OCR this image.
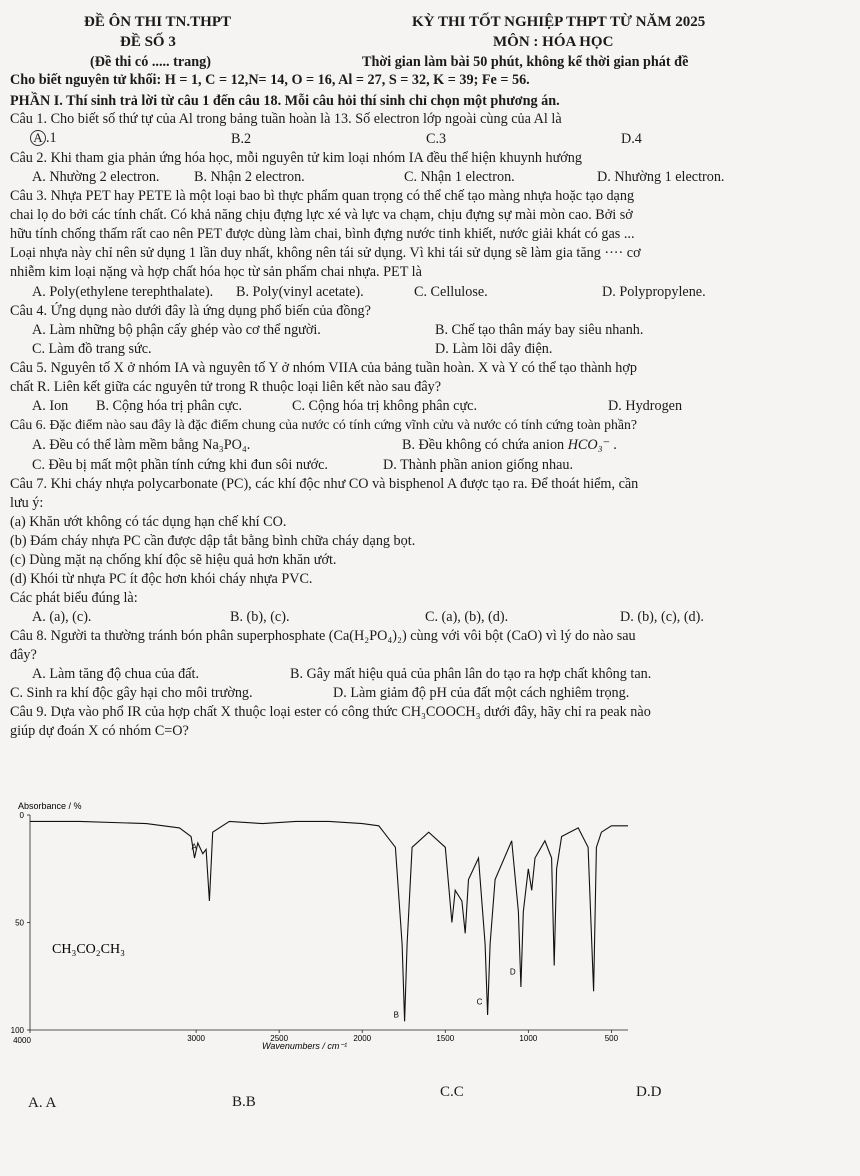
ĐỀ ÔN THI TN.THPT
ĐỀ SỐ 3
(Đề thi có ..... trang)
KỲ THI TỐT NGHIỆP THPT TỪ NĂM 2025
MÔN : HÓA HỌC
Thời gian làm bài 50 phút, không kể thời gian phát đề
Cho biết nguyên tử khối: H = 1, C = 12,N= 14, O = 16, Al = 27, S = 32, K = 39; Fe = 56.
PHẦN I. Thí sinh trả lời từ câu 1 đến câu 18. Mỗi câu hỏi thí sinh chỉ chọn một phương án.
Câu 1. Cho biết số thứ tự của Al trong bảng tuần hoàn là 13. Số electron lớp ngoài cùng của Al là
A .1	B.2	C.3	D.4
Câu 2. Khi tham gia phản ứng hóa học, mỗi nguyên tử kim loại nhóm IA đều thể hiện khuynh hướng
A. Nhường 2 electron. B. Nhận 2 electron.	C. Nhận 1 electron.	D. Nhường 1 electron.
Câu 3. Nhựa PET hay PETE là một loại bao bì thực phẩm quan trọng có thể chế tạo màng nhựa hoặc tạo dạng
chai lọ do bởi các tính chất. Có khả năng chịu đựng lực xé và lực va chạm, chịu đựng sự mài mòn cao. Bởi sở
hữu tính chống thấm rất cao nên PET được dùng làm chai, bình đựng nước tinh khiết, nước giải khát có gas ...
Loại nhựa này chỉ nên sử dụng 1 lần duy nhất, không nên tái sử dụng. Vì khi tái sử dụng sẽ làm gia tăng ···· cơ
nhiễm kim loại nặng và hợp chất hóa học từ sản phẩm chai nhựa. PET là
A. Poly(ethylene terephthalate). B. Poly(vinyl acetate).	C. Cellulose.	D. Polypropylene.
Câu 4. Ứng dụng nào dưới đây là ứng dụng phổ biến của đồng?
A. Làm những bộ phận cấy ghép vào cơ thể người.	B. Chế tạo thân máy bay siêu nhanh.
C. Làm đồ trang sức.	D. Làm lõi dây điện.
Câu 5. Nguyên tố X ở nhóm IA và nguyên tố Y ở nhóm VIIA của bảng tuần hoàn. X và Y có thể tạo thành hợp
chất R. Liên kết giữa các nguyên tử trong R thuộc loại liên kết nào sau đây?
A. Ion B. Cộng hóa trị phân cực.	C. Cộng hóa trị không phân cực.	D. Hydrogen
Câu 6. Đặc điểm nào sau đây là đặc điểm chung của nước có tính cứng vĩnh cửu và nước có tính cứng toàn phần?
A. Đều có thể làm mềm bằng Na₃PO₄.	B. Đều không có chứa anion HCO₃⁻ .
C. Đều bị mất một phần tính cứng khi đun sôi nước.	D. Thành phần anion giống nhau.
Câu 7. Khi cháy nhựa polycarbonate (PC), các khí độc như CO và bisphenol A được tạo ra. Để thoát hiểm, cần
lưu ý:
(a) Khăn ướt không có tác dụng hạn chế khí CO.
(b) Đám cháy nhựa PC cần được dập tắt bằng bình chữa cháy dạng bọt.
(c) Dùng mặt nạ chống khí độc sẽ hiệu quả hơn khăn ướt.
(d) Khói từ nhựa PC ít độc hơn khói cháy nhựa PVC.
Các phát biểu đúng là:
A. (a), (c).	B. (b), (c).	C. (a), (b), (d).	D. (b), (c), (d).
Câu 8. Người ta thường tránh bón phân superphosphate (Ca(H₂PO₄)₂) cùng với vôi bột (CaO) vì lý do nào sau
đây?
A. Làm tăng độ chua của đất.	B. Gây mất hiệu quả của phân lân do tạo ra hợp chất không tan.
C. Sinh ra khí độc gây hại cho môi trường.	D. Làm giảm độ pH của đất một cách nghiêm trọng.
Câu 9. Dựa vào phổ IR của hợp chất X thuộc loại ester có công thức CH₃COOCH₃ dưới đây, hãy chỉ ra peak nào
giúp dự đoán X có nhóm C=O?
Absorbance / %
0
50
100
4000	3000	2500	2000	1500	1000	500
A
B
C
D
CH₃CO₂CH₃
Wavenumbers / cm⁻¹
A. A	B.B
C.C	D.D
